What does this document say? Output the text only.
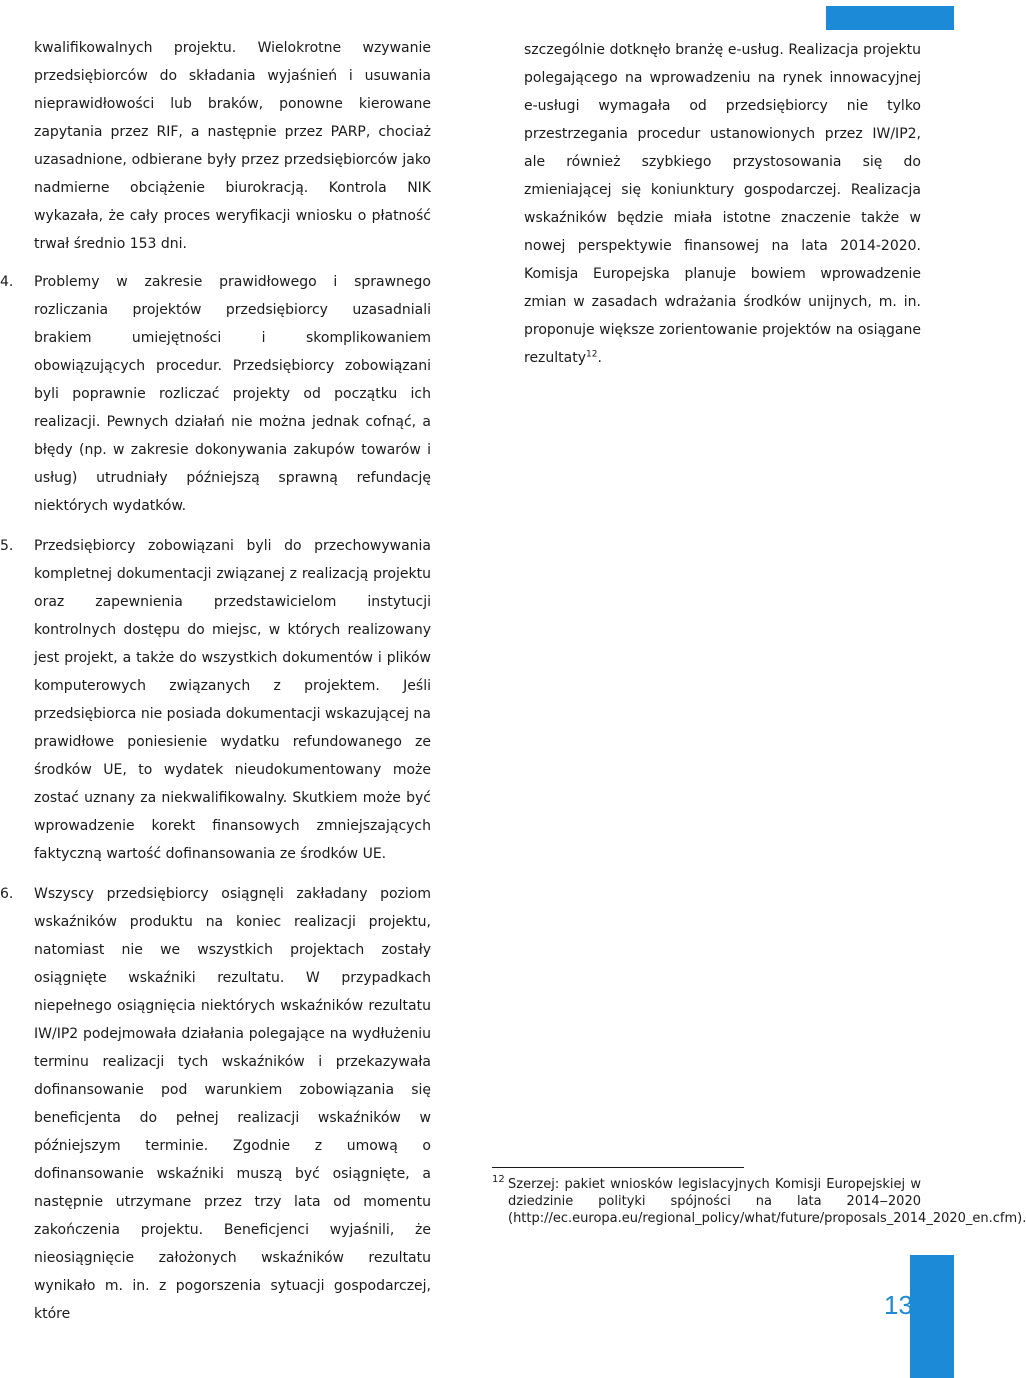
kwalifikowalnych projektu. Wielokrotne wzywanie przedsiębiorców do składania wyjaśnień i usuwania nieprawidłowości lub braków, ponowne kierowane zapytania przez RIF, a następnie przez PARP, chociaż uzasadnione, odbierane były przez przedsiębiorców jako nadmierne obciążenie biurokracją. Kontrola NIK wykazała, że cały proces weryfikacji wniosku o płatność trwał średnio 153 dni.

4. Problemy w zakresie prawidłowego i sprawnego rozliczania projektów przedsiębiorcy uzasadniali brakiem umiejętności i skomplikowaniem obowiązujących procedur. Przedsiębiorcy zobowiązani byli poprawnie rozliczać projekty od początku ich realizacji. Pewnych działań nie można jednak cofnąć, a błędy (np. w zakresie dokonywania zakupów towarów i usług) utrudniały późniejszą sprawną refundację niektórych wydatków.

5. Przedsiębiorcy zobowiązani byli do przechowywania kompletnej dokumentacji związanej z realizacją projektu oraz zapewnienia przedstawicielom instytucji kontrolnych dostępu do miejsc, w których realizowany jest projekt, a także do wszystkich dokumentów i plików komputerowych związanych z projektem. Jeśli przedsiębiorca nie posiada dokumentacji wskazującej na prawidłowe poniesienie wydatku refundowanego ze środków UE, to wydatek nieudokumentowany może zostać uznany za niekwalifikowalny. Skutkiem może być wprowadzenie korekt finansowych zmniejszających faktyczną wartość dofinansowania ze środków UE.

6. Wszyscy przedsiębiorcy osiągnęli zakładany poziom wskaźników produktu na koniec realizacji projektu, natomiast nie we wszystkich projektach zostały osiągnięte wskaźniki rezultatu. W przypadkach niepełnego osiągnięcia niektórych wskaźników rezultatu IW/IP2 podejmowała działania polegające na wydłużeniu terminu realizacji tych wskaźników i przekazywała dofinansowanie pod warunkiem zobowiązania się beneficjenta do pełnej realizacji wskaźników w późniejszym terminie. Zgodnie z umową o dofinansowanie wskaźniki muszą być osiągnięte, a następnie utrzymane przez trzy lata od momentu zakończenia projektu. Beneficjenci wyjaśnili, że nieosiągnięcie założonych wskaźników rezultatu wynikało m. in. z pogorszenia sytuacji gospodarczej, które

szczególnie dotknęło branżę e-usług. Realizacja projektu polegającego na wprowadzeniu na rynek innowacyjnej e-usługi wymagała od przedsiębiorcy nie tylko przestrzegania procedur ustanowionych przez IW/IP2, ale również szybkiego przystosowania się do zmieniającej się koniunktury gospodarczej. Realizacja wskaźników będzie miała istotne znaczenie także w nowej perspektywie finansowej na lata 2014-2020. Komisja Europejska planuje bowiem wprowadzenie zmian w zasadach wdrażania środków unijnych, m. in. proponuje większe zorientowanie projektów na osiągane rezultaty$^{12}$.

12 Szerzej: pakiet wniosków legislacyjnych Komisji Europejskiej w dziedzinie polityki spójności na lata 2014‒2020 (http://ec.europa.eu/regional_policy/what/future/proposals_2014_2020_en.cfm).
13
